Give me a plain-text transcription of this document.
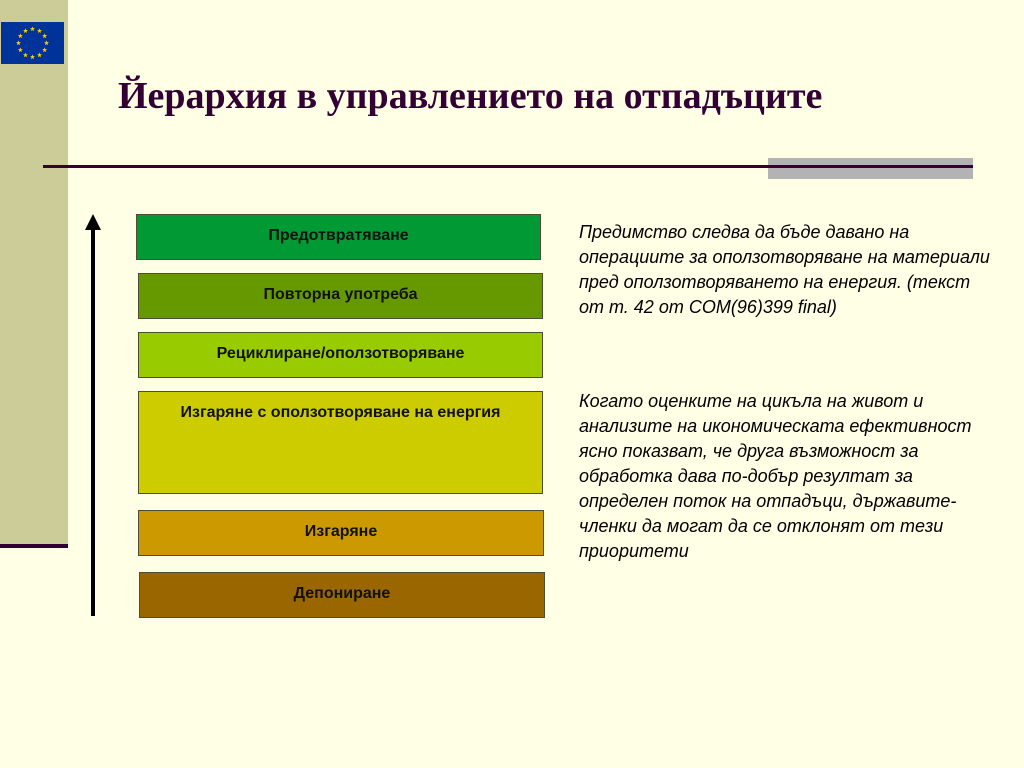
Йерархия в управлението на отпадъците
Предотвратяване
Повторна употреба
Рециклиране/оползотворяване
Изгаряне с оползотворяване на енергия
Изгаряне
Депониране

Предимство следва да бъде давано на операциите за оползотворяване на материали пред оползотворяването на енергия. (текст от т. 42 от COM(96)399 final)

Когато оценките на цикъла на живот и анализите на икономическата ефективност ясно показват, че друга възможност за обработка дава по-добър резултат за определен поток на отпадъци, държавите-членки да могат да се отклонят от тези приоритети
